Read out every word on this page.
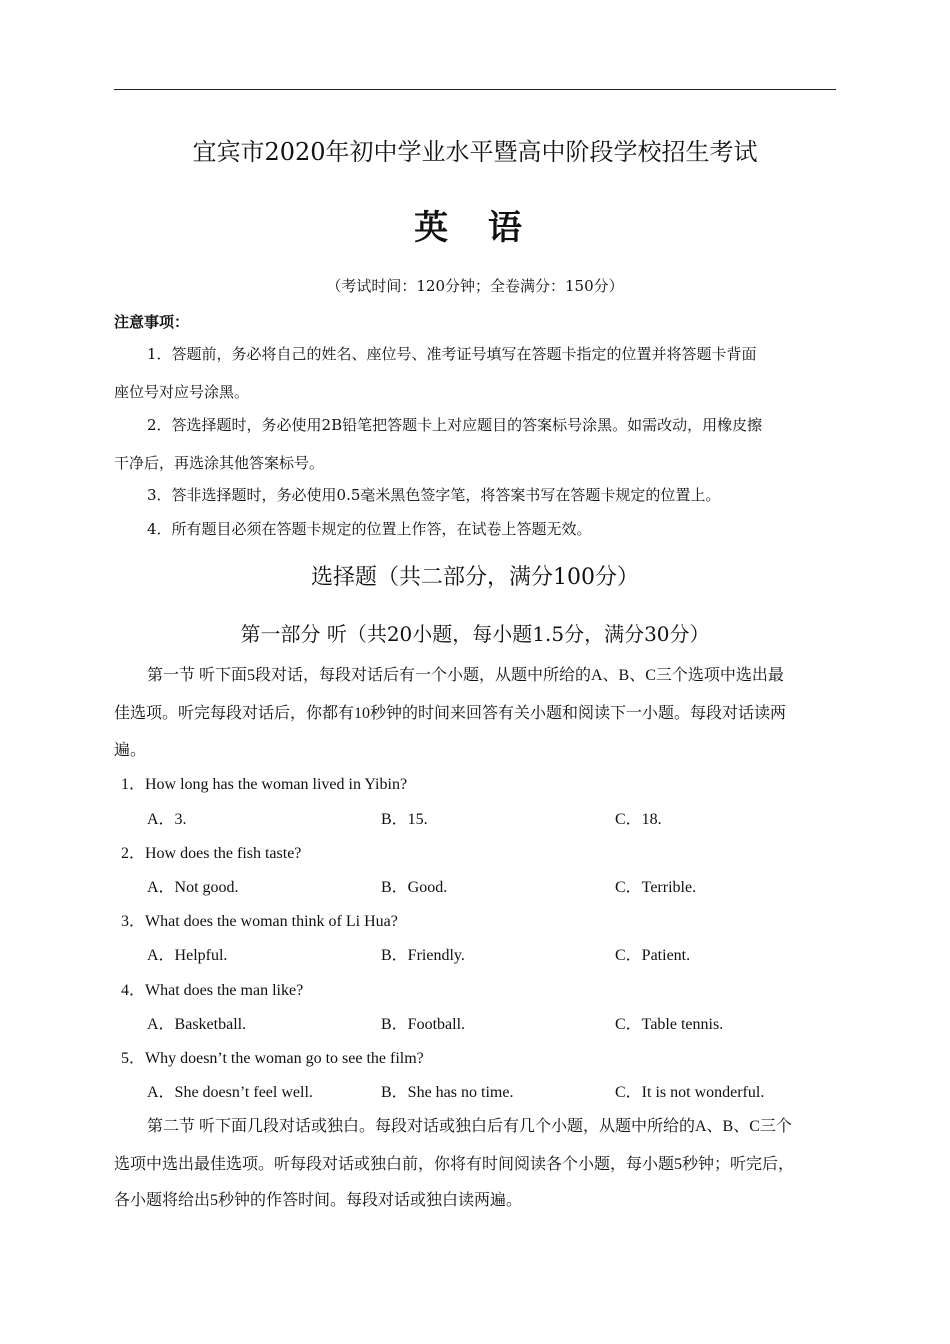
宜宾市2020年初中学业水平暨高中阶段学校招生考试
英 语
（考试时间：120分钟；全卷满分：150分）
注意事项：
1．答题前，务必将自己的姓名、座位号、准考证号填写在答题卡指定的位置并将答题卡背面
座位号对应号涂黑。
2．答选择题时，务必使用2B铅笔把答题卡上对应题目的答案标号涂黑。如需改动，用橡皮擦
干净后，再选涂其他答案标号。
3．答非选择题时，务必使用0.5毫米黑色签字笔，将答案书写在答题卡规定的位置上。
4．所有题目必须在答题卡规定的位置上作答，在试卷上答题无效。
选择题（共二部分，满分100分）
第一部分 听（共20小题，每小题1.5分，满分30分）
第一节 听下面5段对话，每段对话后有一个小题，从题中所给的A、B、C三个选项中选出最
佳选项。听完每段对话后，你都有10秒钟的时间来回答有关小题和阅读下一小题。每段对话读两
遍。
1．How long has the woman lived in Yibin?
A．3.	B．15.	C．18.
2．How does the fish taste?
A．Not good.	B．Good.	C．Terrible.
3．What does the woman think of Li Hua?
A．Helpful.	B．Friendly.	C．Patient.
4．What does the man like?
A．Basketball.	B．Football.	C．Table tennis.
5．Why doesn’t the woman go to see the film?
A．She doesn’t feel well.	B．She has no time.	C．It is not wonderful.
第二节 听下面几段对话或独白。每段对话或独白后有几个小题，从题中所给的A、B、C三个
选项中选出最佳选项。听每段对话或独白前，你将有时间阅读各个小题，每小题5秒钟；听完后，
各小题将给出5秒钟的作答时间。每段对话或独白读两遍。
